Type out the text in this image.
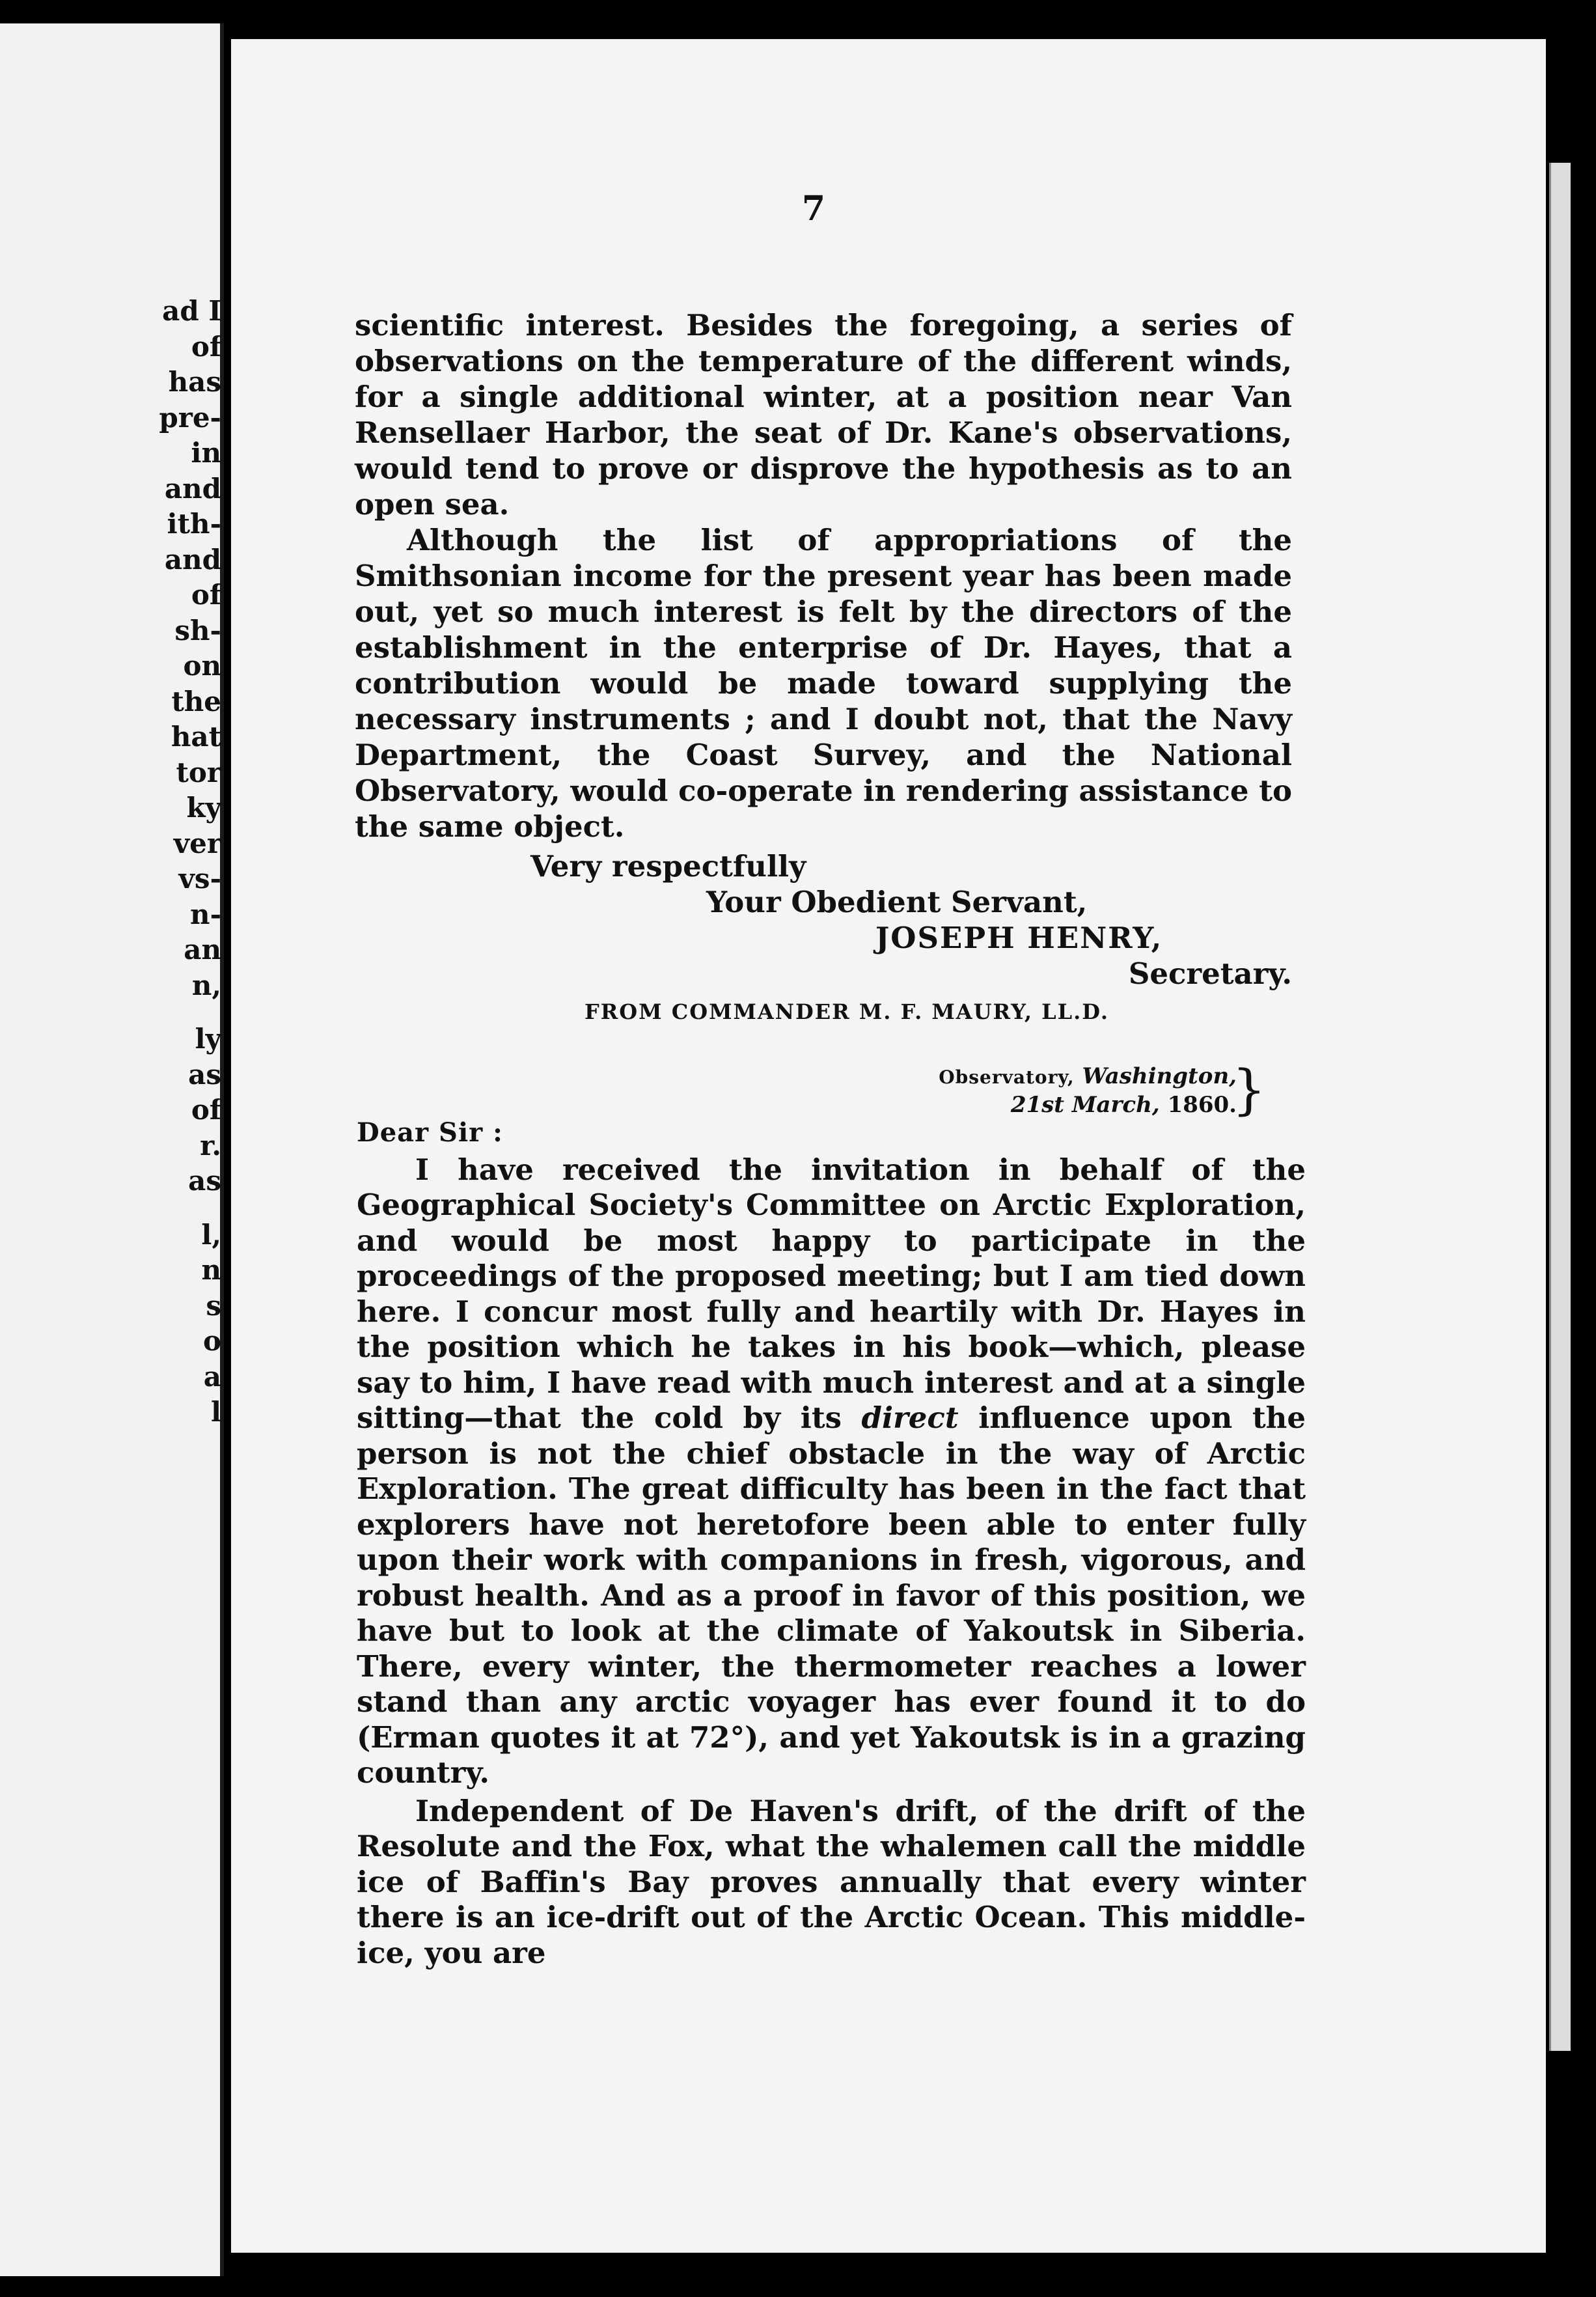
ad I
of
has
pre-
in
and
ith-
and
of
sh-
on
the
hat
tor
ky
ver
vs-
n-
an
n,
ly
as
of
r.
as
l,
n
s
o
a
l
7

scientific interest. Besides the foregoing, a series of observations on the temperature of the different winds, for a single additional winter, at a position near Van Rensellaer Harbor, the seat of Dr. Kane's observations, would tend to prove or disprove the hypothesis as to an open sea.

Although the list of appropriations of the Smithsonian income for the present year has been made out, yet so much interest is felt by the directors of the establishment in the enterprise of Dr. Hayes, that a contribution would be made toward supplying the necessary instruments ; and I doubt not, that the Navy Department, the Coast Survey, and the National Observatory, would co-operate in rendering assistance to the same object.

Very respectfully
Your Obedient Servant,
JOSEPH HENRY,
Secretary.
FROM COMMANDER M. F. MAURY, LL.D.
Observatory, Washington,
21st March, 1860.
}
Dear Sir :

I have received the invitation in behalf of the Geographical Society's Committee on Arctic Exploration, and would be most happy to participate in the proceedings of the proposed meeting; but I am tied down here. I concur most fully and heartily with Dr. Hayes in the position which he takes in his book—which, please say to him, I have read with much interest and at a single sitting—that the cold by its direct influence upon the person is not the chief obstacle in the way of Arctic Exploration. The great difficulty has been in the fact that explorers have not heretofore been able to enter fully upon their work with companions in fresh, vigorous, and robust health. And as a proof in favor of this position, we have but to look at the climate of Yakoutsk in Siberia. There, every winter, the thermometer reaches a lower stand than any arctic voyager has ever found it to do (Erman quotes it at 72°), and yet Yakoutsk is in a grazing country.

Independent of De Haven's drift, of the drift of the Resolute and the Fox, what the whalemen call the middle ice of Baffin's Bay proves annually that every winter there is an ice-drift out of the Arctic Ocean. This middle-ice, you are
